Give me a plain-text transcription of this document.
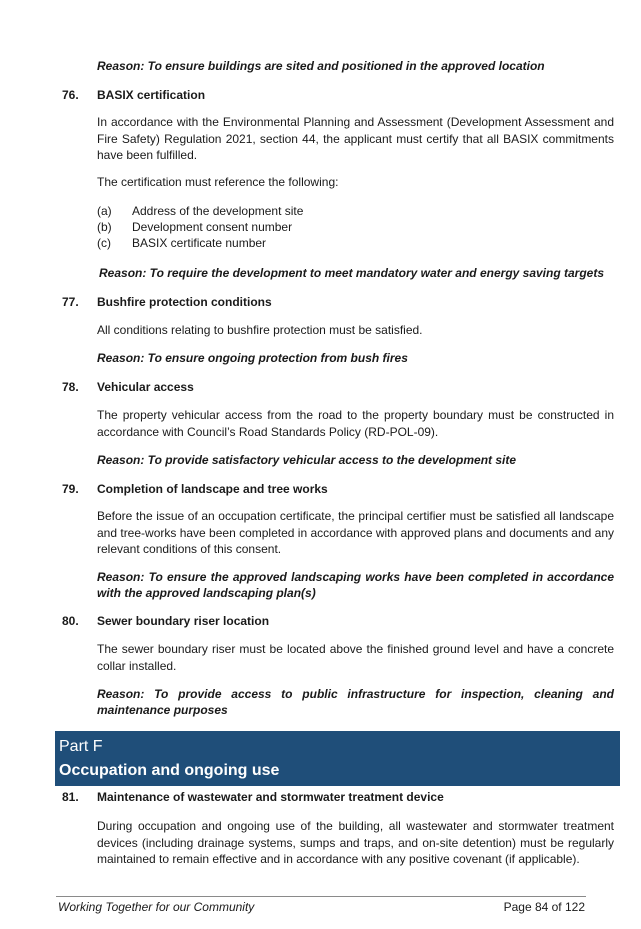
Reason: To ensure buildings are sited and positioned in the approved location
76. BASIX certification
In accordance with the Environmental Planning and Assessment (Development Assessment and Fire Safety) Regulation 2021, section 44, the applicant must certify that all BASIX commitments have been fulfilled.
The certification must reference the following:
(a) Address of the development site
(b) Development consent number
(c) BASIX certificate number
Reason: To require the development to meet mandatory water and energy saving targets
77. Bushfire protection conditions
All conditions relating to bushfire protection must be satisfied.
Reason: To ensure ongoing protection from bush fires
78. Vehicular access
The property vehicular access from the road to the property boundary must be constructed in accordance with Council’s Road Standards Policy (RD-POL-09).
Reason: To provide satisfactory vehicular access to the development site
79. Completion of landscape and tree works
Before the issue of an occupation certificate, the principal certifier must be satisfied all landscape and tree-works have been completed in accordance with approved plans and documents and any relevant conditions of this consent.
Reason: To ensure the approved landscaping works have been completed in accordance with the approved landscaping plan(s)
80. Sewer boundary riser location
The sewer boundary riser must be located above the finished ground level and have a concrete collar installed.
Reason: To provide access to public infrastructure for inspection, cleaning and maintenance purposes
Part F
Occupation and ongoing use
81. Maintenance of wastewater and stormwater treatment device
During occupation and ongoing use of the building, all wastewater and stormwater treatment devices (including drainage systems, sumps and traps, and on-site detention) must be regularly maintained to remain effective and in accordance with any positive covenant (if applicable).
Working Together for our Community	Page 84 of 122
